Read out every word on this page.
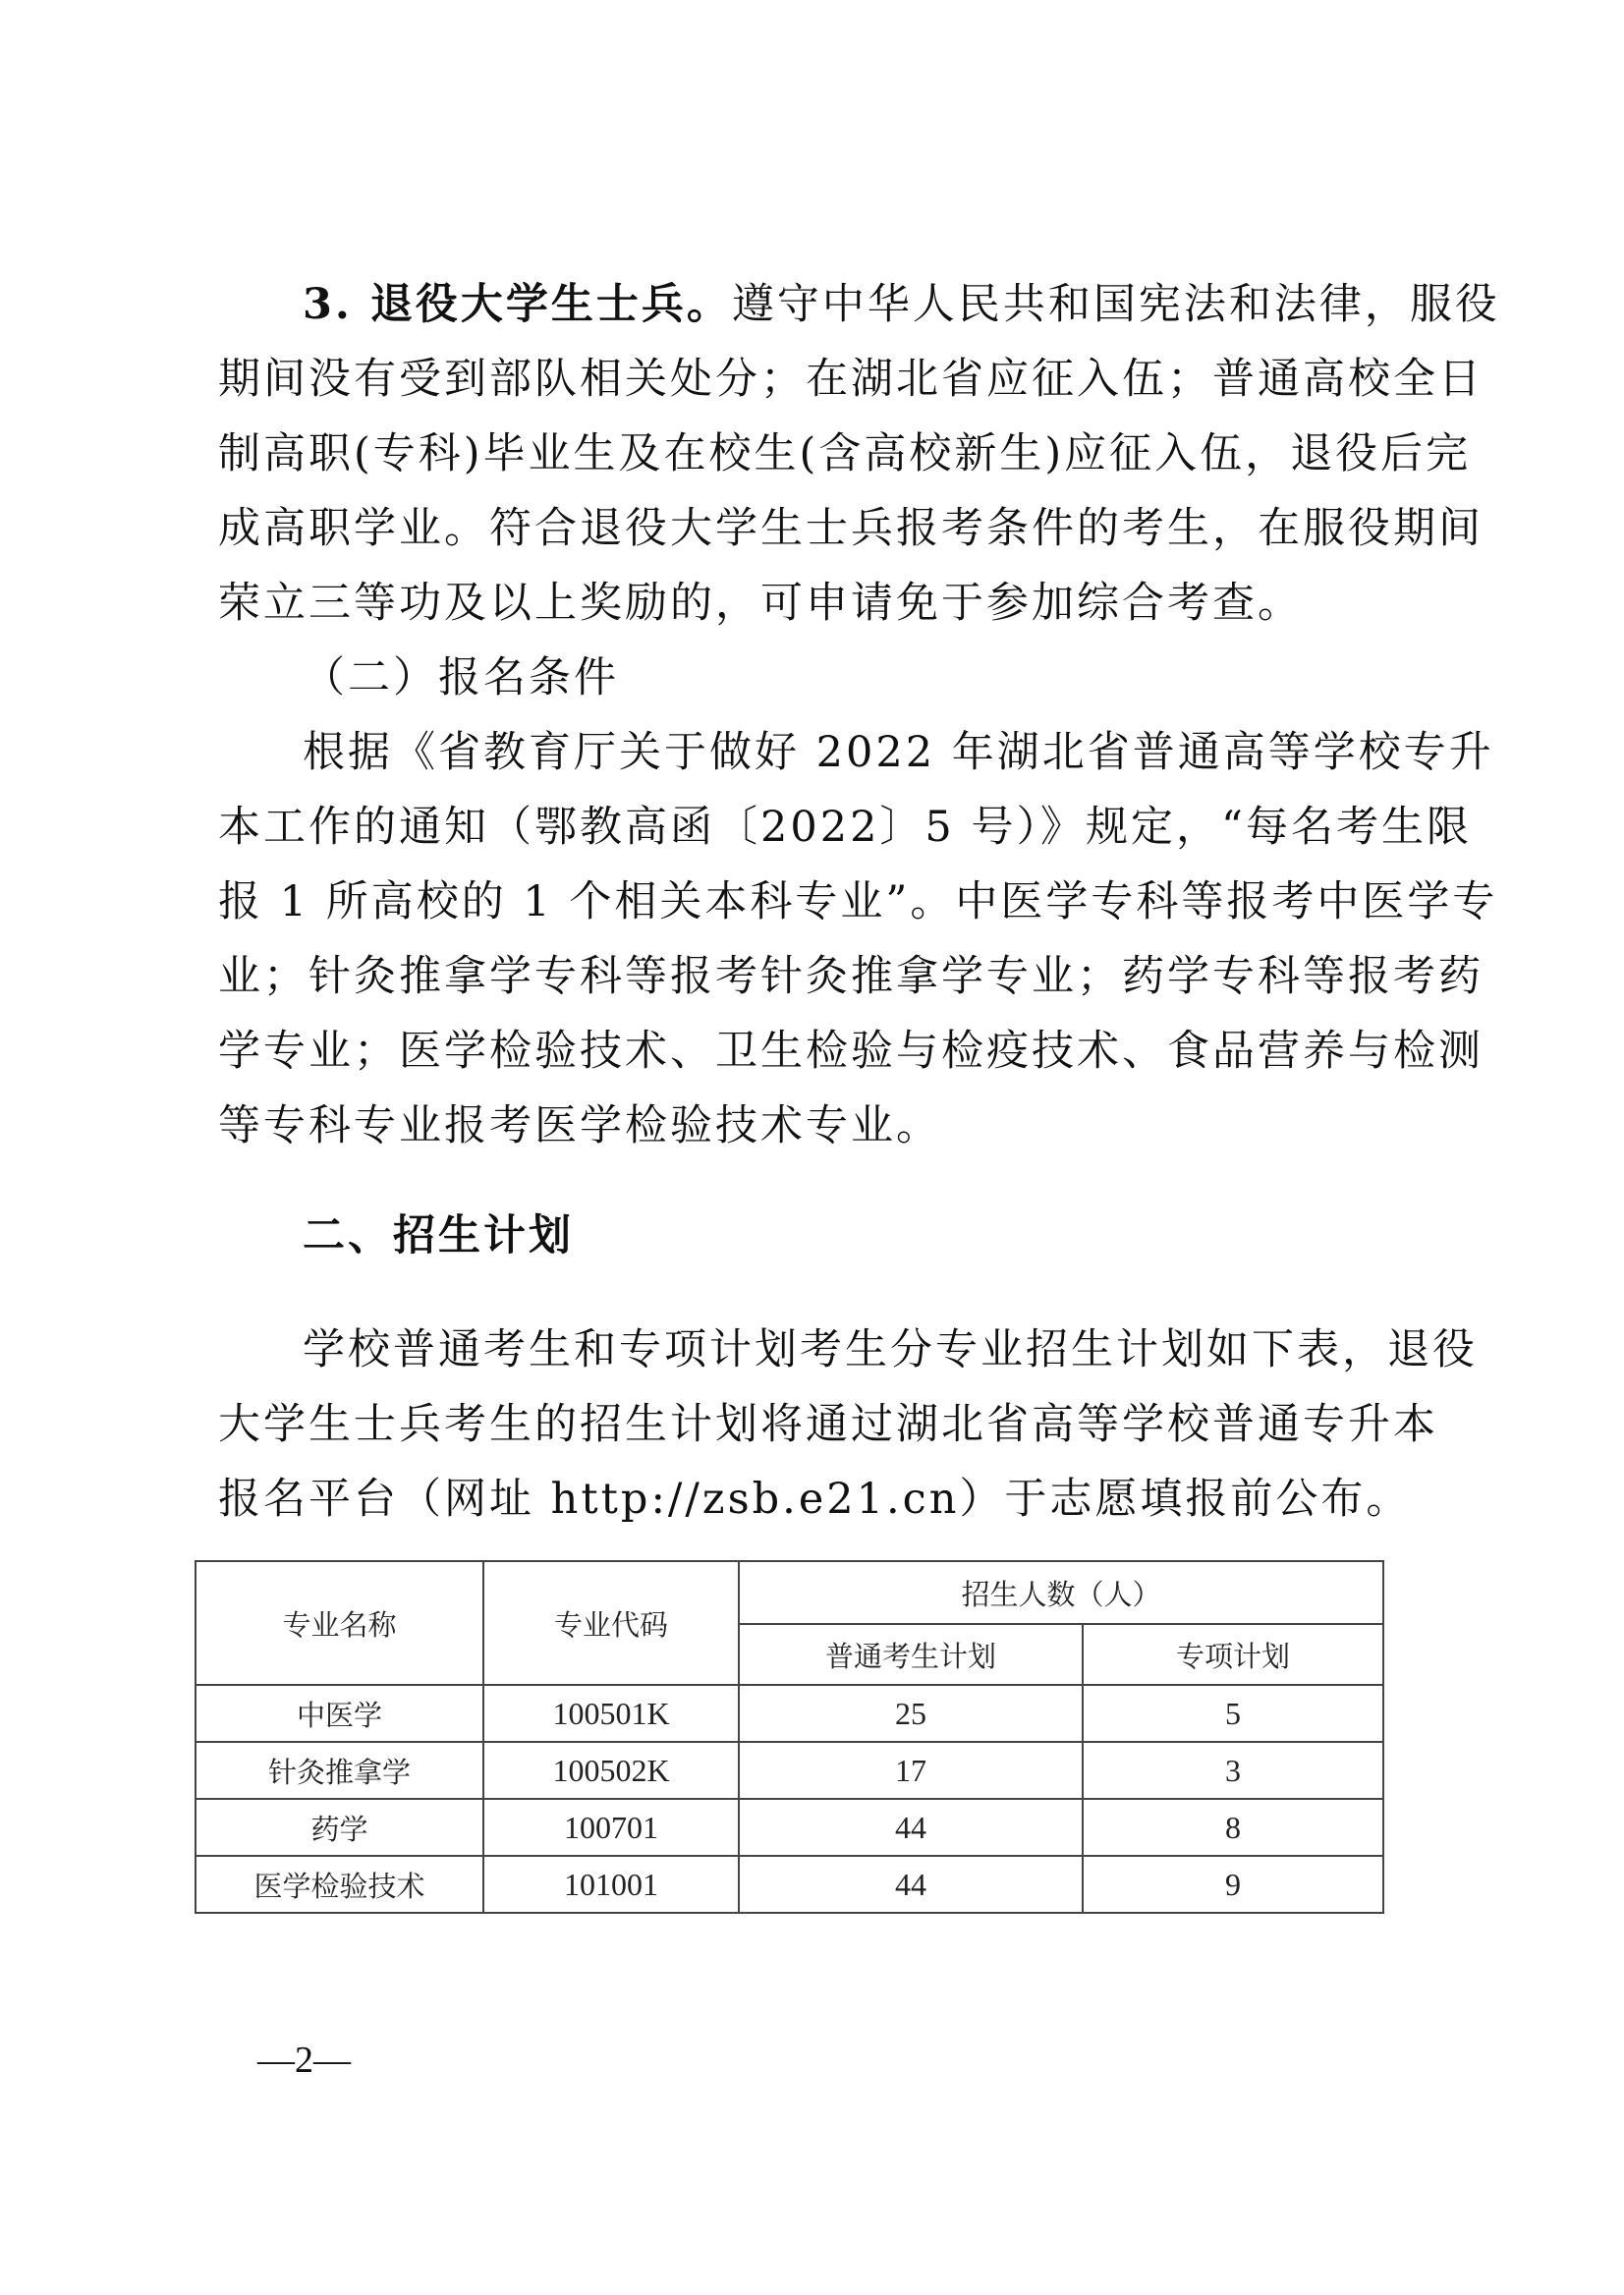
3. 退役大学生士兵。遵守中华人民共和国宪法和法律，服役
期间没有受到部队相关处分；在湖北省应征入伍；普通高校全日
制高职(专科)毕业生及在校生(含高校新生)应征入伍，退役后完
成高职学业。符合退役大学生士兵报考条件的考生，在服役期间
荣立三等功及以上奖励的，可申请免于参加综合考查。
（二）报名条件
根据《省教育厅关于做好 2022 年湖北省普通高等学校专升
本工作的通知（鄂教高函〔2022〕5 号）》规定，“每名考生限
报 1 所高校的 1 个相关本科专业”。中医学专科等报考中医学专
业；针灸推拿学专科等报考针灸推拿学专业；药学专科等报考药
学专业；医学检验技术、卫生检验与检疫技术、食品营养与检测
等专科专业报考医学检验技术专业。
二、招生计划
学校普通考生和专项计划考生分专业招生计划如下表，退役
大学生士兵考生的招生计划将通过湖北省高等学校普通专升本
报名平台（网址 http://zsb.e21.cn）于志愿填报前公布。
专业名称	专业代码	招生人数（人）	
		普通考生计划	专项计划
中医学	100501K	25	5
针灸推拿学	100502K	17	3
药学	100701	44	8
医学检验技术	101001	44	9
—2—
